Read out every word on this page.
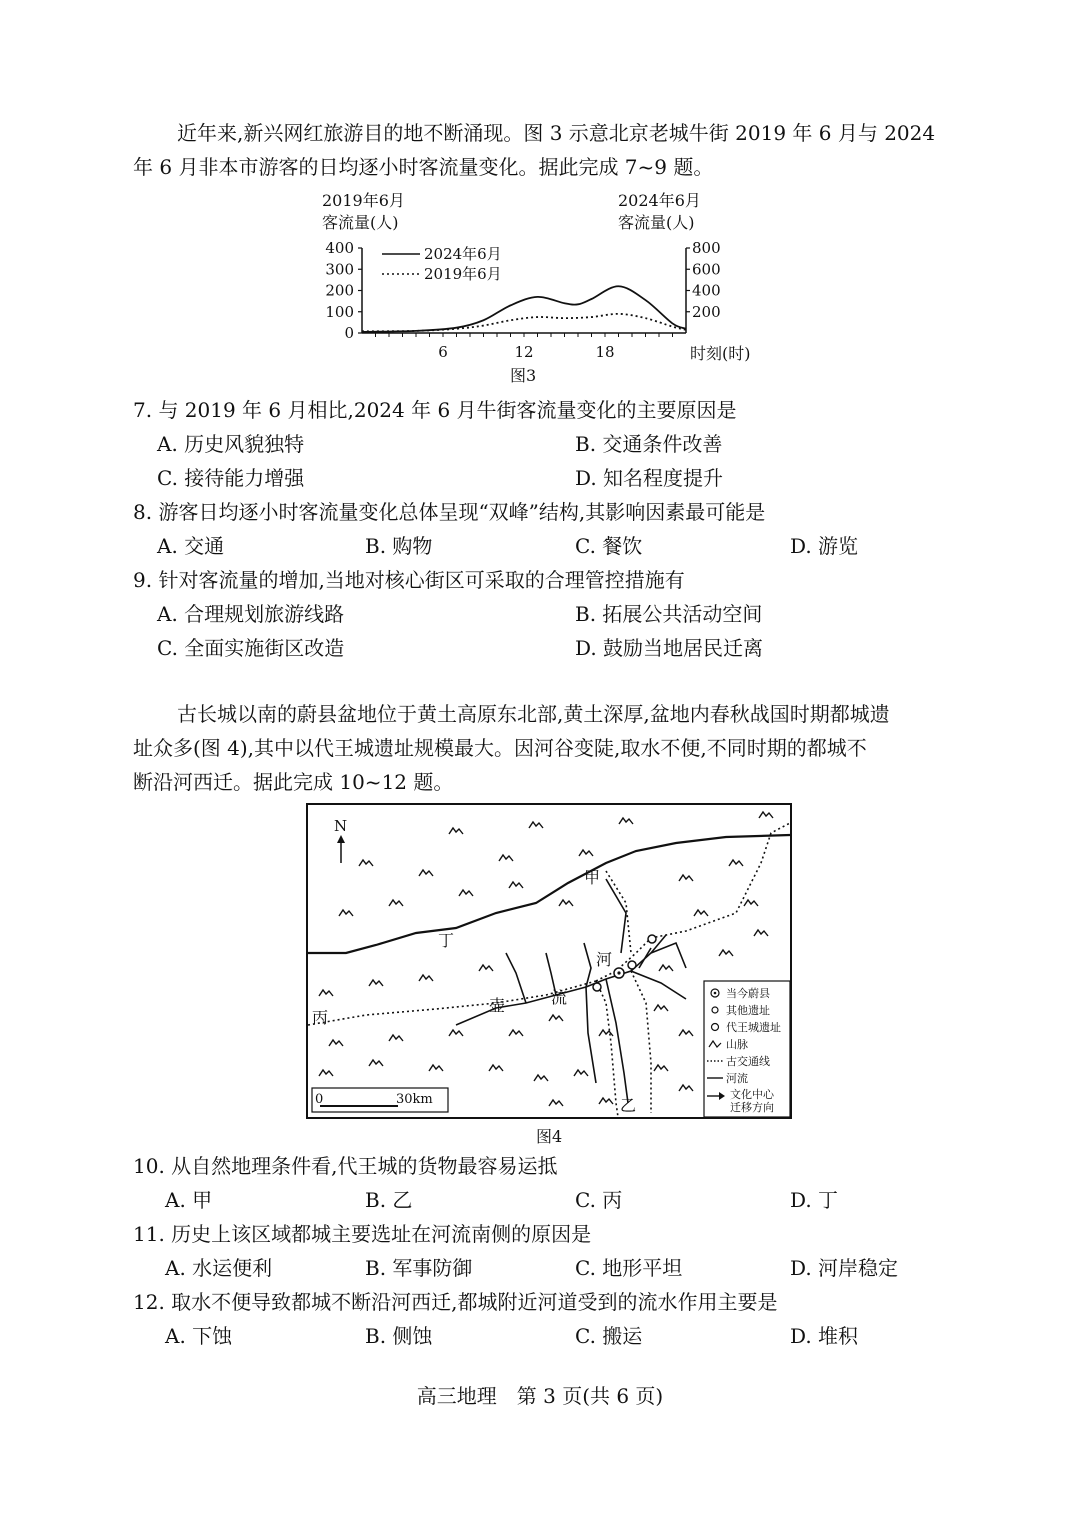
近年来,新兴网红旅游目的地不断涌现。图 3 示意北京老城牛街 2019 年 6 月与 2024
年 6 月非本市游客的日均逐小时客流量变化。据此完成 7~9 题。
2019年6月
客流量(人)
2024年6月
客流量(人)
0
100
200
300
400
200
400
600
800
6	12	18
2024年6月
2019年6月
时刻(时)
图3
7. 与 2019 年 6 月相比,2024 年 6 月牛街客流量变化的主要原因是
A. 历史风貌独特	B. 交通条件改善
C. 接待能力增强	D. 知名程度提升
8. 游客日均逐小时客流量变化总体呈现“双峰”结构,其影响因素最可能是
A. 交通	B. 购物	C. 餐饮	D. 游览
9. 针对客流量的增加,当地对核心街区可采取的合理管控措施有
A. 合理规划旅游线路	B. 拓展公共活动空间
C. 全面实施街区改造	D. 鼓励当地居民迁离
古长城以南的蔚县盆地位于黄土高原东北部,黄土深厚,盆地内春秋战国时期都城遗
址众多(图 4),其中以代王城遗址规模最大。因河谷变陡,取水不便,不同时期的都城不
断沿河西迁。据此完成 10~12 题。
N
甲
丁
丙
乙
壶	流
河
0	30km
当今蔚县
其他遗址
代王城遗址
山脉
古交通线
河流
文化中心
迁移方向
图4
10. 从自然地理条件看,代王城的货物最容易运抵
A. 甲	B. 乙	C. 丙	D. 丁
11. 历史上该区域都城主要选址在河流南侧的原因是
A. 水运便利	B. 军事防御	C. 地形平坦	D. 河岸稳定
12. 取水不便导致都城不断沿河西迁,都城附近河道受到的流水作用主要是
A. 下蚀	B. 侧蚀	C. 搬运	D. 堆积
高三地理　第 3 页(共 6 页)
